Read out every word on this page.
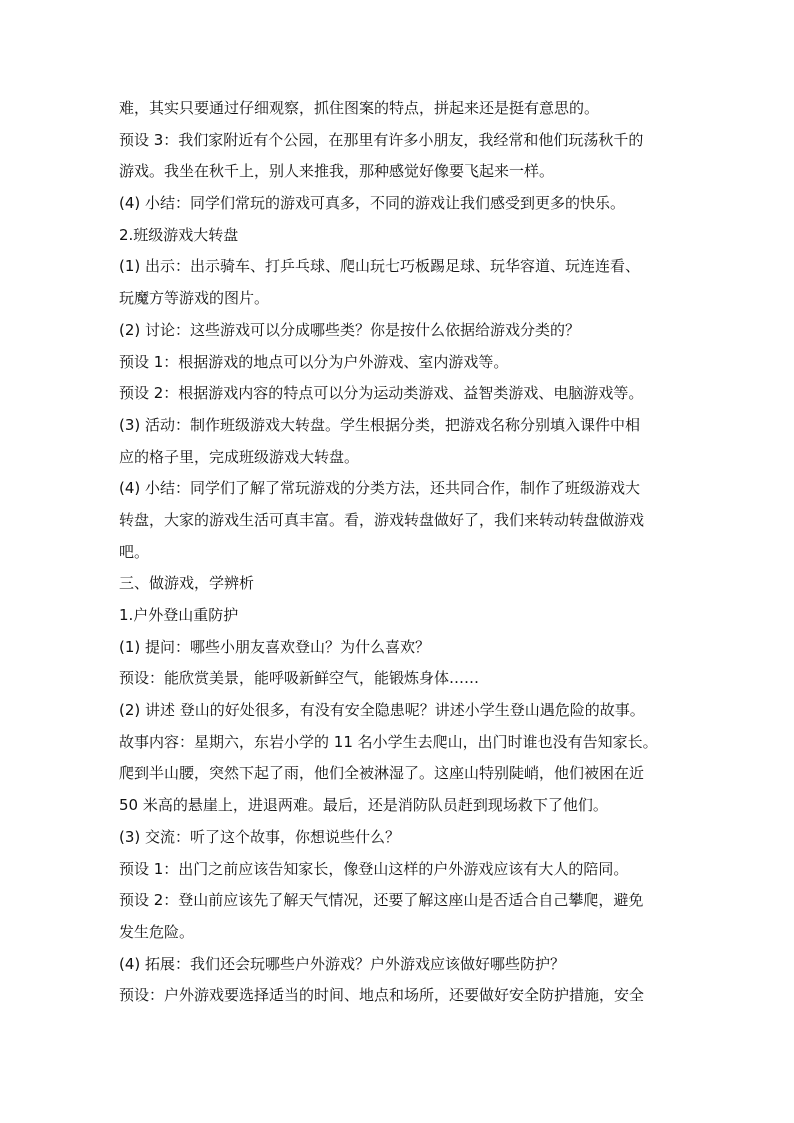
难，其实只要通过仔细观察，抓住图案的特点，拼起来还是挺有意思的。
预设 3：我们家附近有个公园，在那里有许多小朋友，我经常和他们玩荡秋千的
游戏。我坐在秋千上，别人来推我，那种感觉好像要飞起来一样。
(4) 小结：同学们常玩的游戏可真多，不同的游戏让我们感受到更多的快乐。
2.班级游戏大转盘
(1) 出示：出示骑车、打乒乓球、爬山玩七巧板踢足球、玩华容道、玩连连看、
玩魔方等游戏的图片。
(2) 讨论：这些游戏可以分成哪些类？你是按什么依据给游戏分类的？
预设 1：根据游戏的地点可以分为户外游戏、室内游戏等。
预设 2：根据游戏内容的特点可以分为运动类游戏、益智类游戏、电脑游戏等。
(3) 活动：制作班级游戏大转盘。学生根据分类，把游戏名称分别填入课件中相
应的格子里，完成班级游戏大转盘。
(4) 小结：同学们了解了常玩游戏的分类方法，还共同合作，制作了班级游戏大
转盘，大家的游戏生活可真丰富。看，游戏转盘做好了，我们来转动转盘做游戏
吧。
三、做游戏，学辨析
1.户外登山重防护
(1) 提问：哪些小朋友喜欢登山？为什么喜欢？
预设：能欣赏美景，能呼吸新鲜空气，能锻炼身体……
(2) 讲述 登山的好处很多，有没有安全隐患呢？讲述小学生登山遇危险的故事。
故事内容：星期六，东岩小学的 11 名小学生去爬山，出门时谁也没有告知家长。
爬到半山腰，突然下起了雨，他们全被淋湿了。这座山特别陡峭，他们被困在近
50 米高的悬崖上，进退两难。最后，还是消防队员赶到现场救下了他们。
(3) 交流：听了这个故事，你想说些什么？
预设 1：出门之前应该告知家长，像登山这样的户外游戏应该有大人的陪同。
预设 2：登山前应该先了解天气情况，还要了解这座山是否适合自己攀爬，避免
发生危险。
(4) 拓展：我们还会玩哪些户外游戏？户外游戏应该做好哪些防护？
预设：户外游戏要选择适当的时间、地点和场所，还要做好安全防护措施，安全
